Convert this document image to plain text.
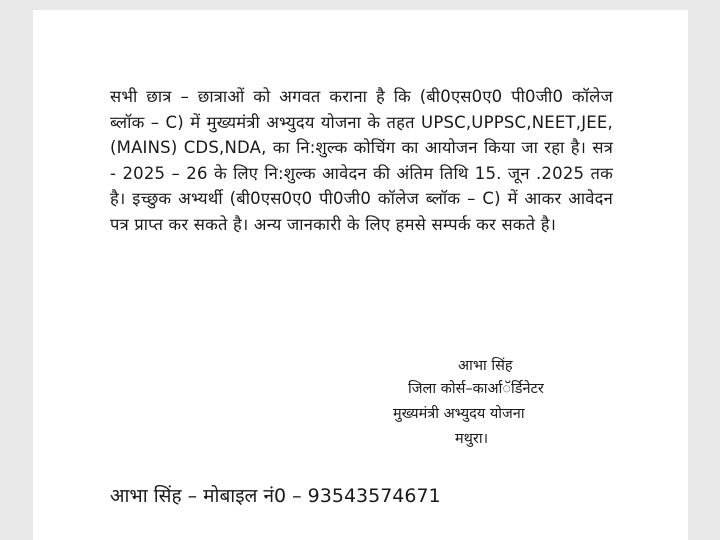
सभी छात्र – छात्राओं को अगवत कराना है कि (बी0एस0ए0 पी0जी0 कॉलेज ब्लॉक – C) में मुख्यमंत्री अभ्युदय योजना के तहत UPSC,UPPSC,NEET,JEE, (MAINS) CDS,NDA, का नि:शुल्क कोचिंग का आयोजन किया जा रहा है। सत्र - 2025 – 26 के लिए नि:शुल्क आवेदन की अंतिम तिथि 15. जून .2025 तक है। इच्छुक अभ्यर्थी (बी0एस0ए0 पी0जी0 कॉलेज ब्लॉक – C) में आकर आवेदन पत्र प्राप्त कर सकते है। अन्य जानकारी के लिए हमसे सम्पर्क कर सकते है।
आभा सिंह
जिला कोर्स–कार्आॅर्डिनेटर
मुख्यमंत्री अभ्युदय योजना
मथुरा।
आभा सिंह – मोबाइल नं0 – 93543574671
